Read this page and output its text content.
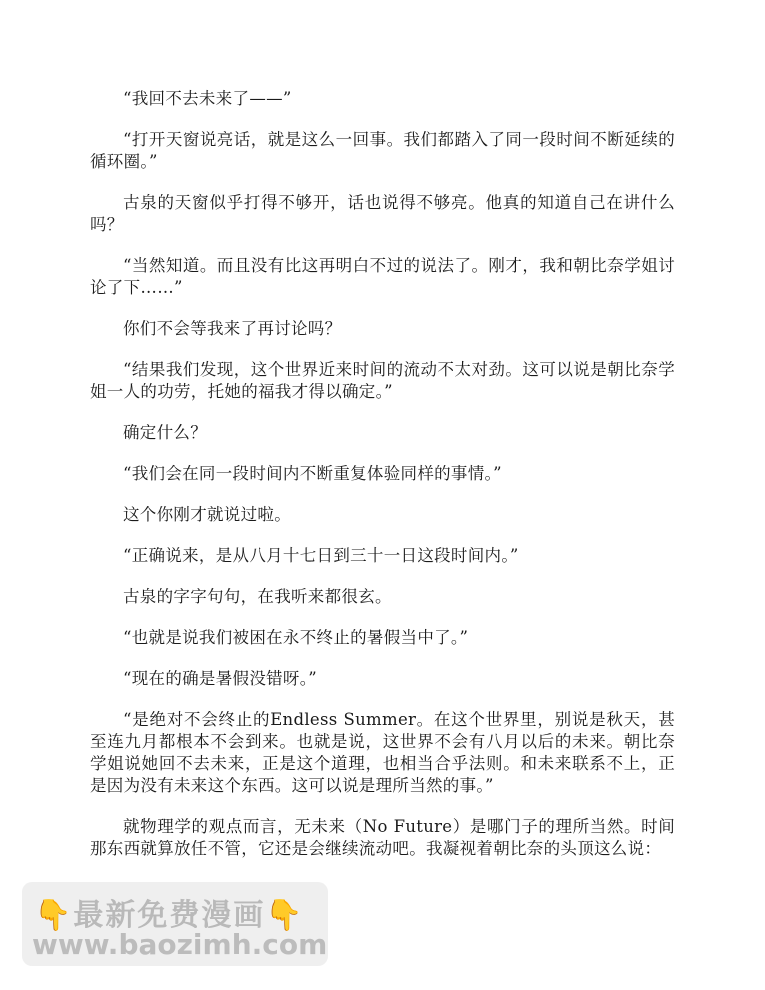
“我回不去未来了——”

“打开天窗说亮话，就是这么一回事。我们都踏入了同一段时间不断延续的循环圈。”

古泉的天窗似乎打得不够开，话也说得不够亮。他真的知道自己在讲什么吗？

“当然知道。而且没有比这再明白不过的说法了。刚才，我和朝比奈学姐讨论了下……”

你们不会等我来了再讨论吗？

“结果我们发现，这个世界近来时间的流动不太对劲。这可以说是朝比奈学姐一人的功劳，托她的福我才得以确定。”

确定什么？

“我们会在同一段时间内不断重复体验同样的事情。”

这个你刚才就说过啦。

“正确说来，是从八月十七日到三十一日这段时间内。”

古泉的字字句句，在我听来都很玄。

“也就是说我们被困在永不终止的暑假当中了。”

“现在的确是暑假没错呀。”

“是绝对不会终止的Endless Summer。在这个世界里，别说是秋天，甚至连九月都根本不会到来。也就是说，这世界不会有八月以后的未来。朝比奈学姐说她回不去未来，正是这个道理，也相当合乎法则。和未来联系不上，正是因为没有未来这个东西。这可以说是理所当然的事。”

就物理学的观点而言，无未来（No Future）是哪门子的理所当然。时间那东西就算放任不管，它还是会继续流动吧。我凝视着朝比奈的头顶这么说：

👇最新免费漫画👇
www.baozimh.com
